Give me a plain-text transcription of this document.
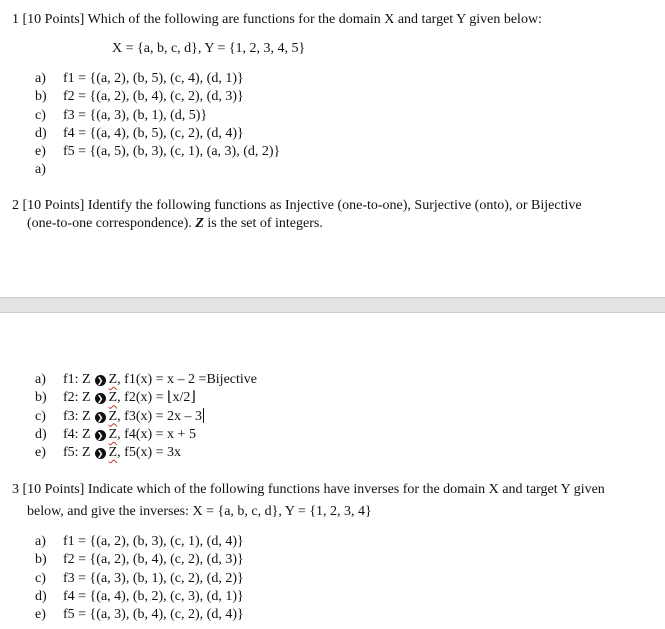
1 [10 Points] Which of the following are functions for the domain X and target Y given below:
X = {a, b, c, d}, Y = {1, 2, 3, 4, 5}
a) f1 = {(a, 2), (b, 5), (c, 4), (d, 1)}
b) f2 = {(a, 2), (b, 4), (c, 2), (d, 3)}
c) f3 = {(a, 3), (b, 1), (d, 5)}
d) f4 = {(a, 4), (b, 5), (c, 2), (d, 4)}
e) f5 = {(a, 5), (b, 3), (c, 1), (a, 3), (d, 2)}
a)
2 [10 Points] Identify the following functions as Injective (one-to-one), Surjective (onto), or Bijective
(one-to-one correspondence). Z is the set of integers.
a) f1: Z ❯ Z, f1(x) = x – 2 =Bijective
b) f2: Z ❯ Z, f2(x) = ⌊x/2⌋
c) f3: Z ❯ Z, f3(x) = 2x – 3
d) f4: Z ❯ Z, f4(x) = x + 5
e) f5: Z ❯ Z, f5(x) = 3x
3 [10 Points] Indicate which of the following functions have inverses for the domain X and target Y given
below, and give the inverses: X = {a, b, c, d}, Y = {1, 2, 3, 4}
a) f1 = {(a, 2), (b, 3), (c, 1), (d, 4)}
b) f2 = {(a, 2), (b, 4), (c, 2), (d, 3)}
c) f3 = {(a, 3), (b, 1), (c, 2), (d, 2)}
d) f4 = {(a, 4), (b, 2), (c, 3), (d, 1)}
e) f5 = {(a, 3), (b, 4), (c, 2), (d, 4)}
